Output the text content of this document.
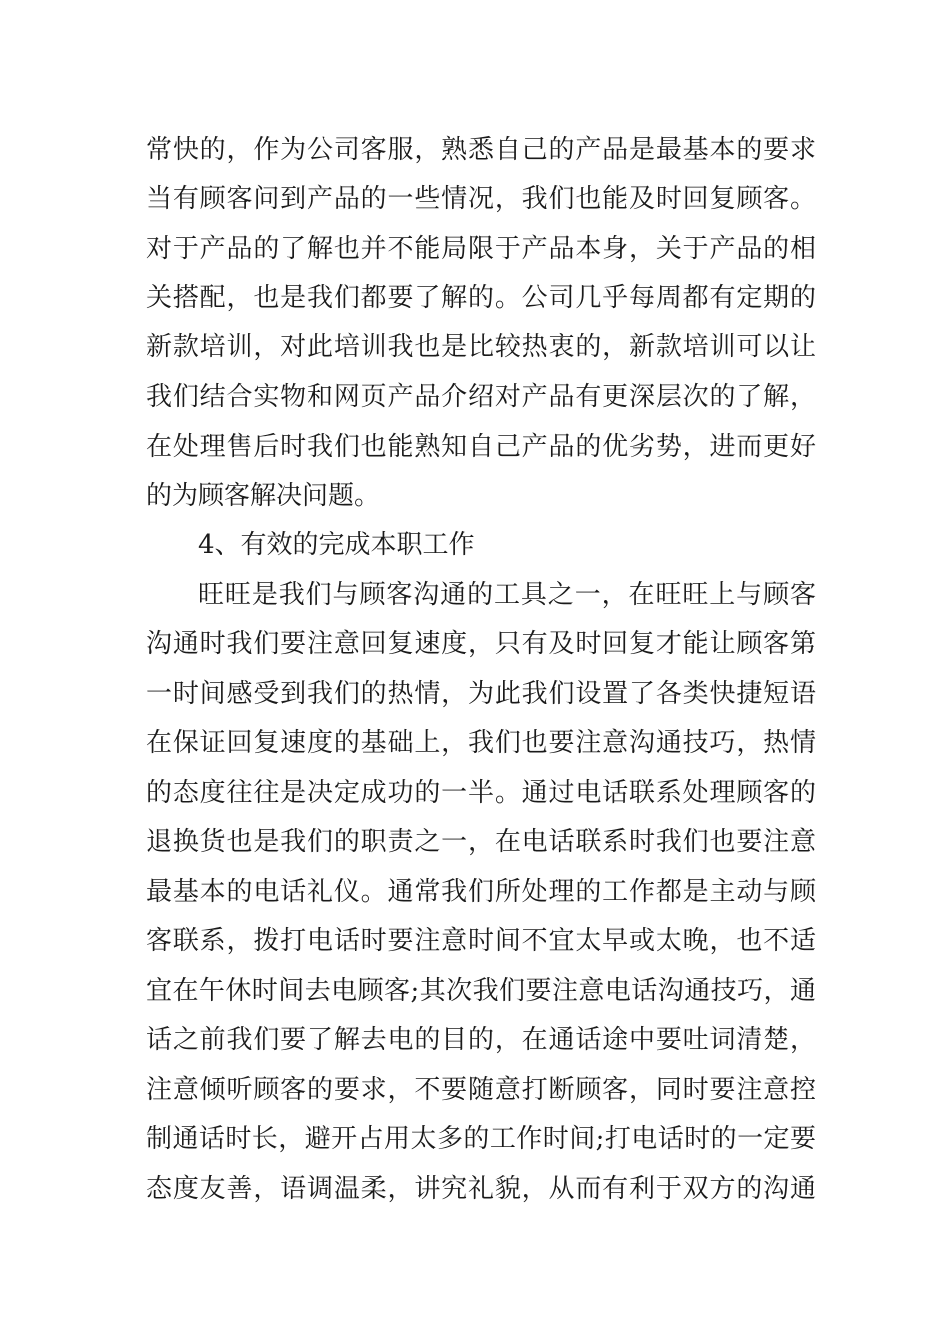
常快的，作为公司客服，熟悉自己的产品是最基本的要求
当有顾客问到产品的一些情况，我们也能及时回复顾客。
对于产品的了解也并不能局限于产品本身，关于产品的相
关搭配，也是我们都要了解的。公司几乎每周都有定期的
新款培训，对此培训我也是比较热衷的，新款培训可以让
我们结合实物和网页产品介绍对产品有更深层次的了解，
在处理售后时我们也能熟知自己产品的优劣势，进而更好
的为顾客解决问题。
4、有效的完成本职工作
旺旺是我们与顾客沟通的工具之一，在旺旺上与顾客
沟通时我们要注意回复速度，只有及时回复才能让顾客第
一时间感受到我们的热情，为此我们设置了各类快捷短语
在保证回复速度的基础上，我们也要注意沟通技巧，热情
的态度往往是决定成功的一半。通过电话联系处理顾客的
退换货也是我们的职责之一，在电话联系时我们也要注意
最基本的电话礼仪。通常我们所处理的工作都是主动与顾
客联系，拨打电话时要注意时间不宜太早或太晚，也不适
宜在午休时间去电顾客;其次我们要注意电话沟通技巧，通
话之前我们要了解去电的目的，在通话途中要吐词清楚，
注意倾听顾客的要求，不要随意打断顾客，同时要注意控
制通话时长，避开占用太多的工作时间;打电话时的一定要
态度友善，语调温柔，讲究礼貌，从而有利于双方的沟通
